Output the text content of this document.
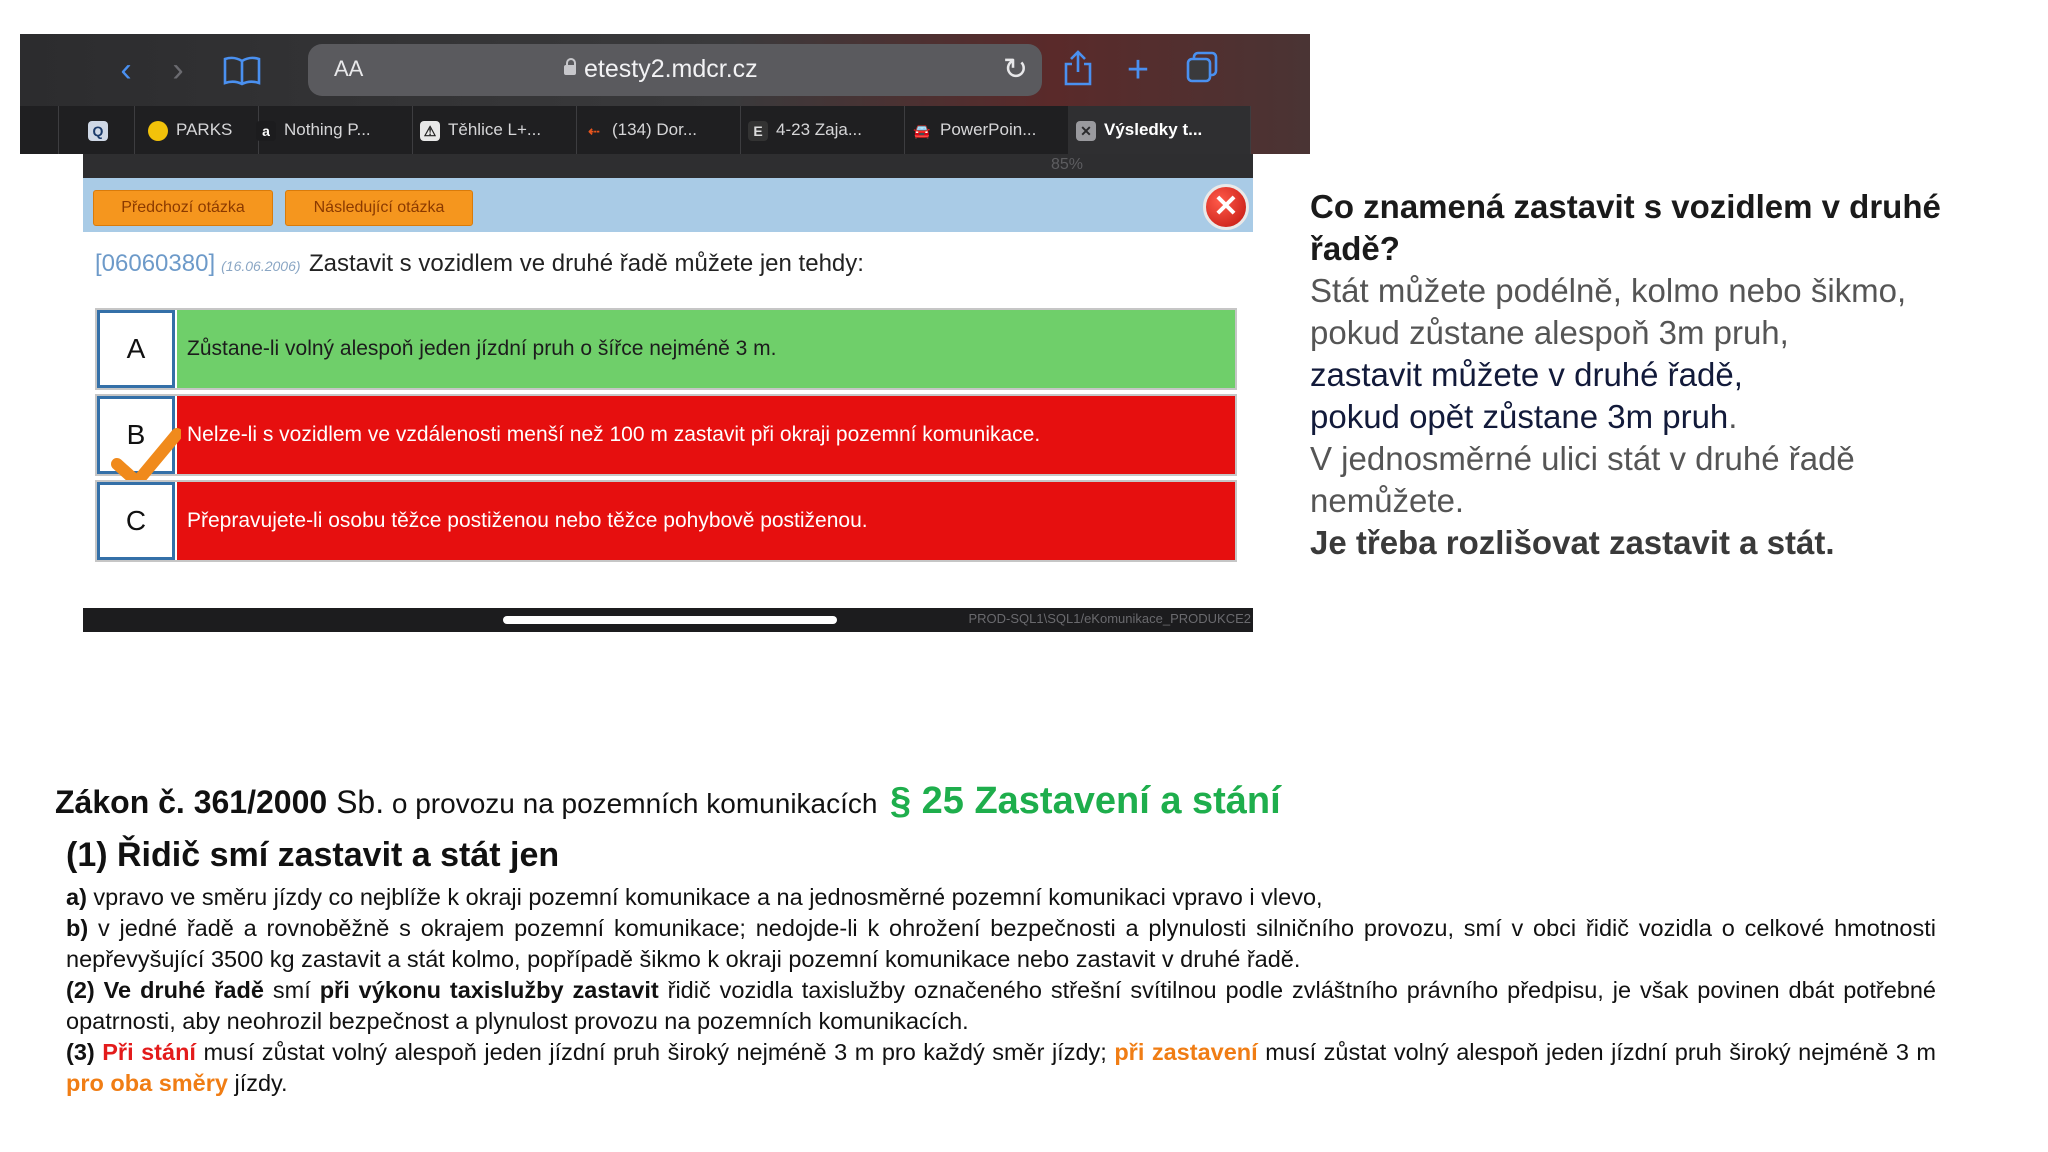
‹	›	AA	etesty2.mdcr.cz	↻	+
Q	PARKS	a Nothing P...	⚠ Těhlice L+...	⇠ (134) Dor...	E 4-23 Zaja...	🚘 PowerPoin...	✕ Výsledky t...
85%
Předchozí otázka	Následující otázka	✕
[06060380] (16.06.2006) Zastavit s vozidlem ve druhé řadě můžete jen tehdy:
A	Zůstane-li volný alespoň jeden jízdní pruh o šířce nejméně 3 m.
B	Nelze-li s vozidlem ve vzdálenosti menší než 100 m zastavit při okraji pozemní komunikace.
C	Přepravujete-li osobu těžce postiženou nebo těžce pohybově postiženou.
PROD-SQL1\SQL1/eKomunikace_PRODUKCE2
Co znamená zastavit s vozidlem v druhé řadě?
Stát můžete podélně, kolmo nebo šikmo,
pokud zůstane alespoň 3m pruh,
zastavit můžete v druhé řadě,
pokud opět zůstane 3m pruh.
V jednosměrné ulici stát v druhé řadě
nemůžete.
Je třeba rozlišovat zastavit a stát.
Zákon č. 361/2000 Sb. o provozu na pozemních komunikacích § 25 Zastavení a stání
(1) Řidič smí zastavit a stát jen

a) vpravo ve směru jízdy co nejblíže k okraji pozemní komunikace a na jednosměrné pozemní komunikaci vpravo i vlevo,

b) v jedné řadě a rovnoběžně s okrajem pozemní komunikace; nedojde-li k ohrožení bezpečnosti a plynulosti silničního provozu, smí v obci řidič vozidla o celkové hmotnosti nepřevyšující 3500 kg zastavit a stát kolmo, popřípadě šikmo k okraji pozemní komunikace nebo zastavit v druhé řadě.

(2) Ve druhé řadě smí při výkonu taxislužby zastavit řidič vozidla taxislužby označeného střešní svítilnou podle zvláštního právního předpisu, je však povinen dbát potřebné opatrnosti, aby neohrozil bezpečnost a plynulost provozu na pozemních komunikacích.

(3) Při stání musí zůstat volný alespoň jeden jízdní pruh široký nejméně 3 m pro každý směr jízdy; při zastavení musí zůstat volný alespoň jeden jízdní pruh široký nejméně 3 m pro oba směry jízdy.
